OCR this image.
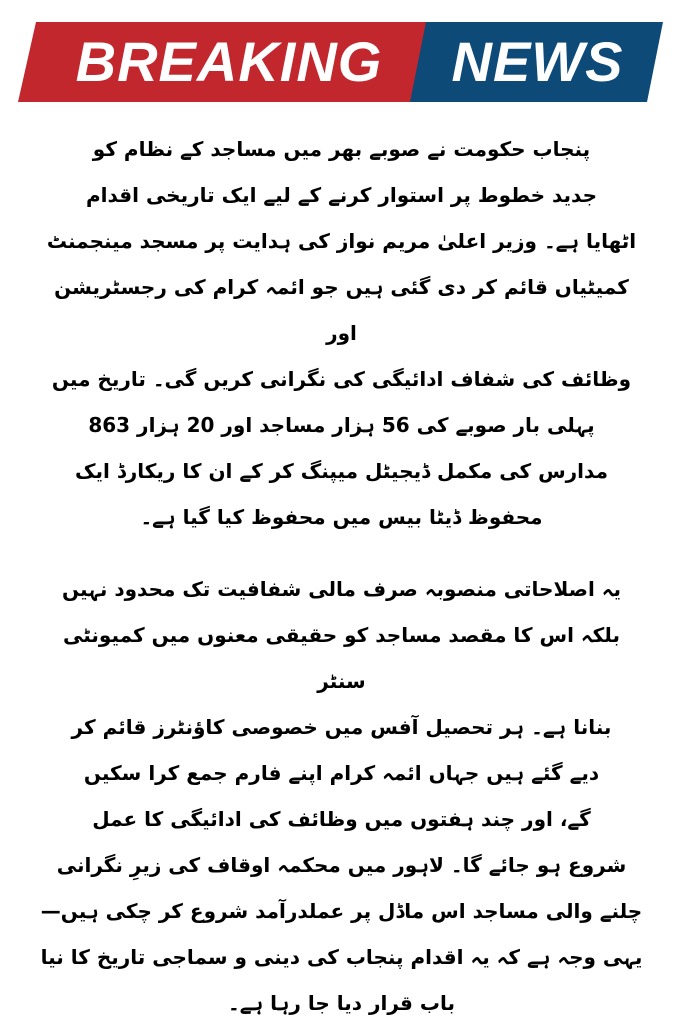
BREAKING	NEWS
پنجاب حکومت نے صوبے بھر میں مساجد کے نظام کو
جدید خطوط پر استوار کرنے کے لیے ایک تاریخی اقدام
اٹھایا ہے۔ وزیر اعلیٰ مریم نواز کی ہدایت پر مسجد مینجمنٹ
کمیٹیاں قائم کر دی گئی ہیں جو ائمہ کرام کی رجسٹریشن اور
وظائف کی شفاف ادائیگی کی نگرانی کریں گی۔ تاریخ میں
پہلی بار صوبے کی 56 ہزار مساجد اور 20 ہزار 863
مدارس کی مکمل ڈیجیٹل میپنگ کر کے ان کا ریکارڈ ایک
محفوظ ڈیٹا بیس میں محفوظ کیا گیا ہے۔
یہ اصلاحاتی منصوبہ صرف مالی شفافیت تک محدود نہیں
بلکہ اس کا مقصد مساجد کو حقیقی معنوں میں کمیونٹی سنٹر
بنانا ہے۔ ہر تحصیل آفس میں خصوصی کاؤنٹرز قائم کر
دیے گئے ہیں جہاں ائمہ کرام اپنے فارم جمع کرا سکیں
گے، اور چند ہفتوں میں وظائف کی ادائیگی کا عمل
شروع ہو جائے گا۔ لاہور میں محکمہ اوقاف کی زیرِ نگرانی
چلنے والی مساجد اس ماڈل پر عملدرآمد شروع کر چکی ہیں—
یہی وجہ ہے کہ یہ اقدام پنجاب کی دینی و سماجی تاریخ کا نیا
باب قرار دیا جا رہا ہے۔
